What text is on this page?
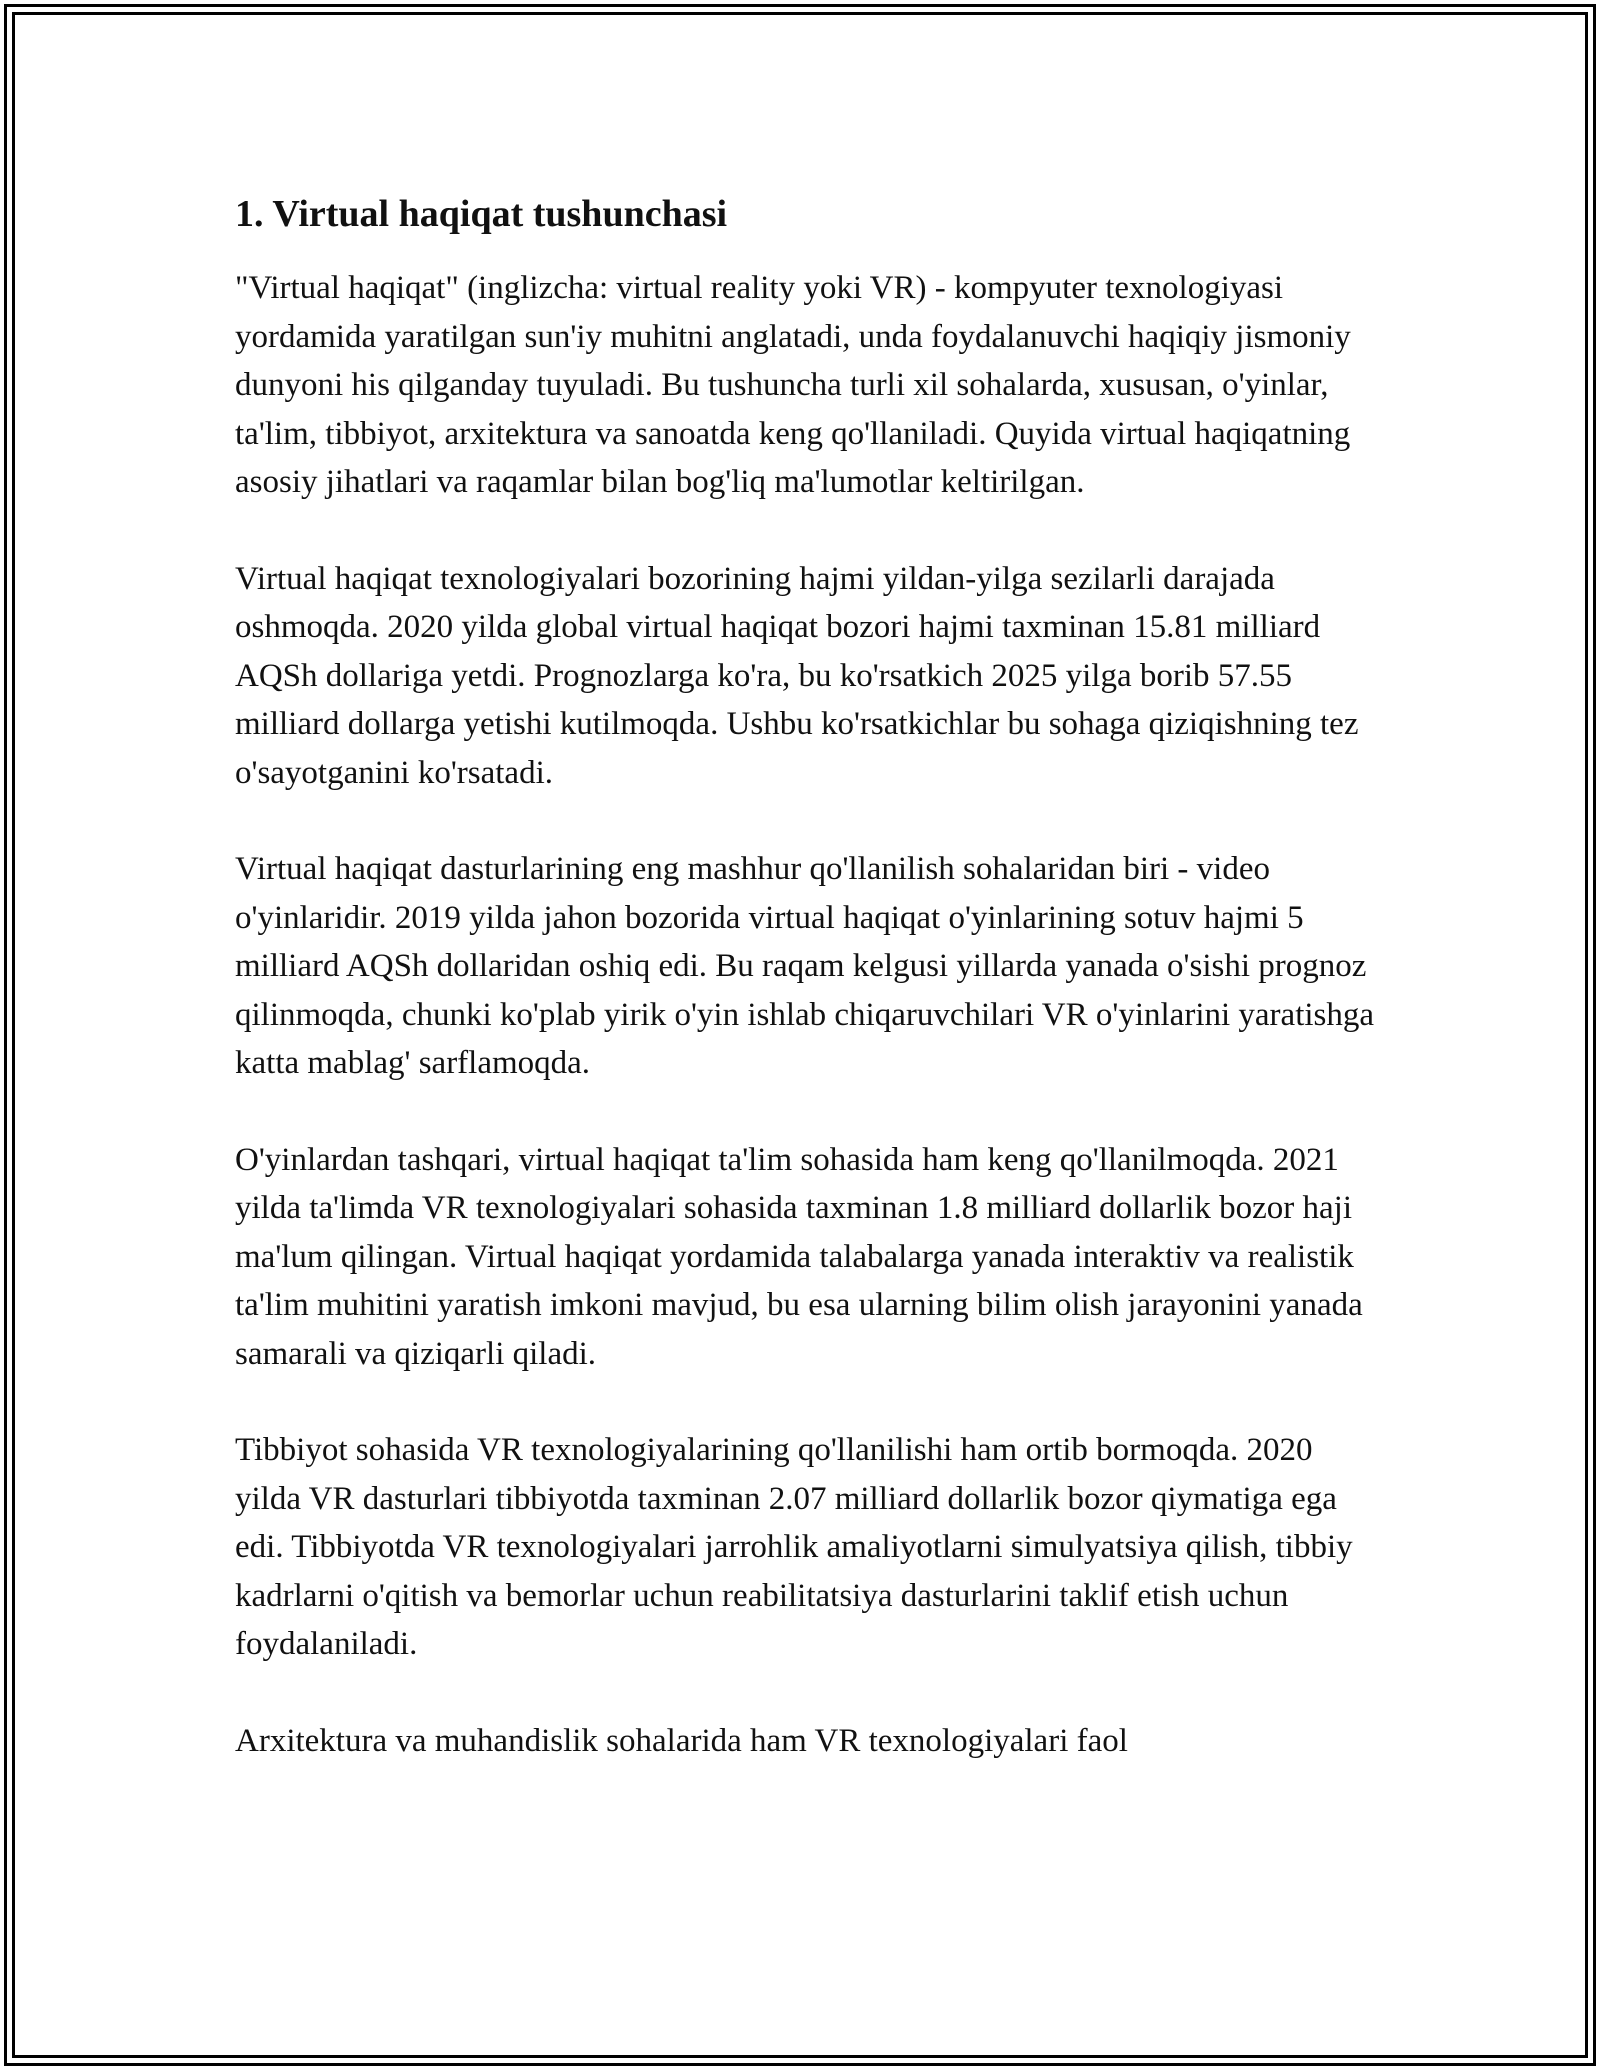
1. Virtual haqiqat tushunchasi

"Virtual haqiqat" (inglizcha: virtual reality yoki VR) - kompyuter texnologiyasi yordamida yaratilgan sun'iy muhitni anglatadi, unda foydalanuvchi haqiqiy jismoniy dunyoni his qilganday tuyuladi. Bu tushuncha turli xil sohalarda, xususan, o'yinlar, ta'lim, tibbiyot, arxitektura va sanoatda keng qo'llaniladi. Quyida virtual haqiqatning asosiy jihatlari va raqamlar bilan bog'liq ma'lumotlar keltirilgan.

Virtual haqiqat texnologiyalari bozorining hajmi yildan-yilga sezilarli darajada oshmoqda. 2020 yilda global virtual haqiqat bozori hajmi taxminan 15.81 milliard AQSh dollariga yetdi. Prognozlarga ko'ra, bu ko'rsatkich 2025 yilga borib 57.55 milliard dollarga yetishi kutilmoqda. Ushbu ko'rsatkichlar bu sohaga qiziqishning tez o'sayotganini ko'rsatadi.

Virtual haqiqat dasturlarining eng mashhur qo'llanilish sohalaridan biri - video o'yinlaridir. 2019 yilda jahon bozorida virtual haqiqat o'yinlarining sotuv hajmi 5 milliard AQSh dollaridan oshiq edi. Bu raqam kelgusi yillarda yanada o'sishi prognoz qilinmoqda, chunki ko'plab yirik o'yin ishlab chiqaruvchilari VR o'yinlarini yaratishga katta mablag' sarflamoqda.

O'yinlardan tashqari, virtual haqiqat ta'lim sohasida ham keng qo'llanilmoqda. 2021 yilda ta'limda VR texnologiyalari sohasida taxminan 1.8 milliard dollarlik bozor haji ma'lum qilingan. Virtual haqiqat yordamida talabalarga yanada interaktiv va realistik ta'lim muhitini yaratish imkoni mavjud, bu esa ularning bilim olish jarayonini yanada samarali va qiziqarli qiladi.

Tibbiyot sohasida VR texnologiyalarining qo'llanilishi ham ortib bormoqda. 2020 yilda VR dasturlari tibbiyotda taxminan 2.07 milliard dollarlik bozor qiymatiga ega edi. Tibbiyotda VR texnologiyalari jarrohlik amaliyotlarni simulyatsiya qilish, tibbiy kadrlarni o'qitish va bemorlar uchun reabilitatsiya dasturlarini taklif etish uchun foydalaniladi.

Arxitektura va muhandislik sohalarida ham VR texnologiyalari faol
